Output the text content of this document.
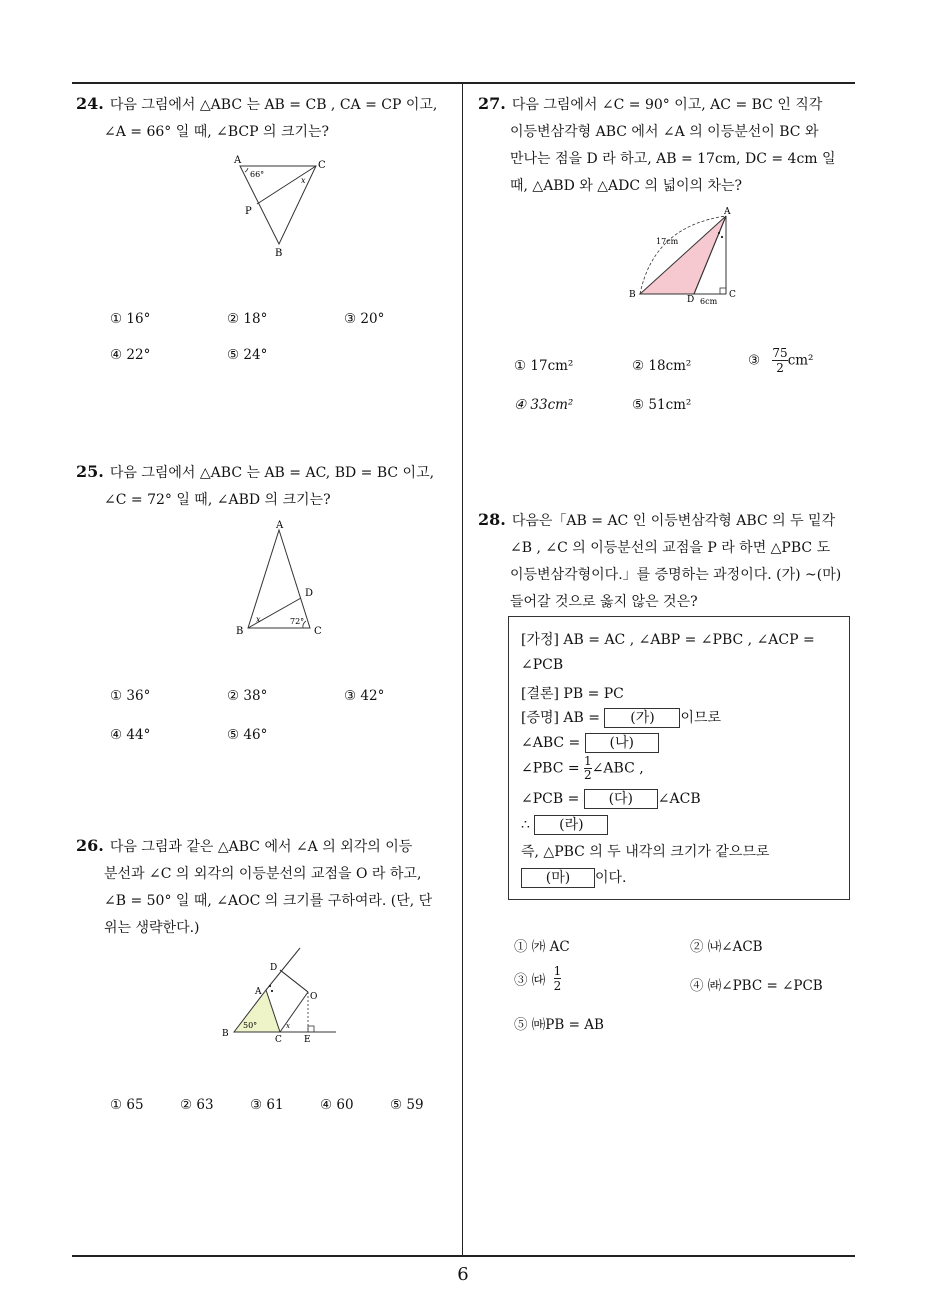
24. 다음 그림에서 △ABC 는 AB = CB , CA = CP 이고,
∠A = 66° 일 때, ∠BCP 의 크기는?
A	C
P
B
66°
x
① 16°	② 18°	③ 20°
④ 22°	⑤ 24°
25. 다음 그림에서 △ABC 는 AB = AC, BD = BC 이고,
∠C = 72° 일 때, ∠ABD 의 크기는?
A
D
B	C
x	72°
① 36°	② 38°	③ 42°
④ 44°	⑤ 46°
26. 다음 그림과 같은 △ABC 에서 ∠A 의 외각의 이등
분선과 ∠C 의 외각의 이등분선의 교점을 O 라 하고,
∠B = 50° 일 때, ∠AOC 의 크기를 구하여라. (단, 단
위는 생략한다.)
D
A	O
B
C E
50°	x
① 65	② 63	③ 61	④ 60	⑤ 59
27. 다음 그림에서 ∠C = 90° 이고, AC = BC 인 직각
이등변삼각형 ABC 에서 ∠A 의 이등분선이 BC 와
만나는 점을 D 라 하고, AB = 17cm, DC = 4cm 일
때, △ABD 와 △ADC 의 넓이의 차는?
A
B	D	C
17cm
6cm
① 17cm²	② 18cm²	③ $\frac{75}{2} cm^2$
④ 33cm²	⑤ 51cm²
28. 다음은「AB = AC 인 이등변삼각형 ABC 의 두 밑각
∠B , ∠C 의 이등분선의 교점을 P 라 하면 △PBC 도
이등변삼각형이다.」를 증명하는 과정이다. (가) ~(마)
들어갈 것으로 옳지 않은 것은?
[가정] AB = AC , ∠ABP = ∠PBC , ∠ACP =
∠PCB
[결론] PB = PC
[증명] AB = (가) 이므로
∠ABC = (나)
∠PBC = $\frac{1}{2}$ ∠ABC ,
∠PCB = (다) ∠ACB
∴ (라)
즉, △PBC 의 두 내각의 크기가 같으므로
(마) 이다.
① ㈎ AC	② ㈏∠ACB
③ ㈐ $\frac{1}{2}$	④ ㈑∠PBC = ∠PCB
⑤ ㈒PB = AB
6
